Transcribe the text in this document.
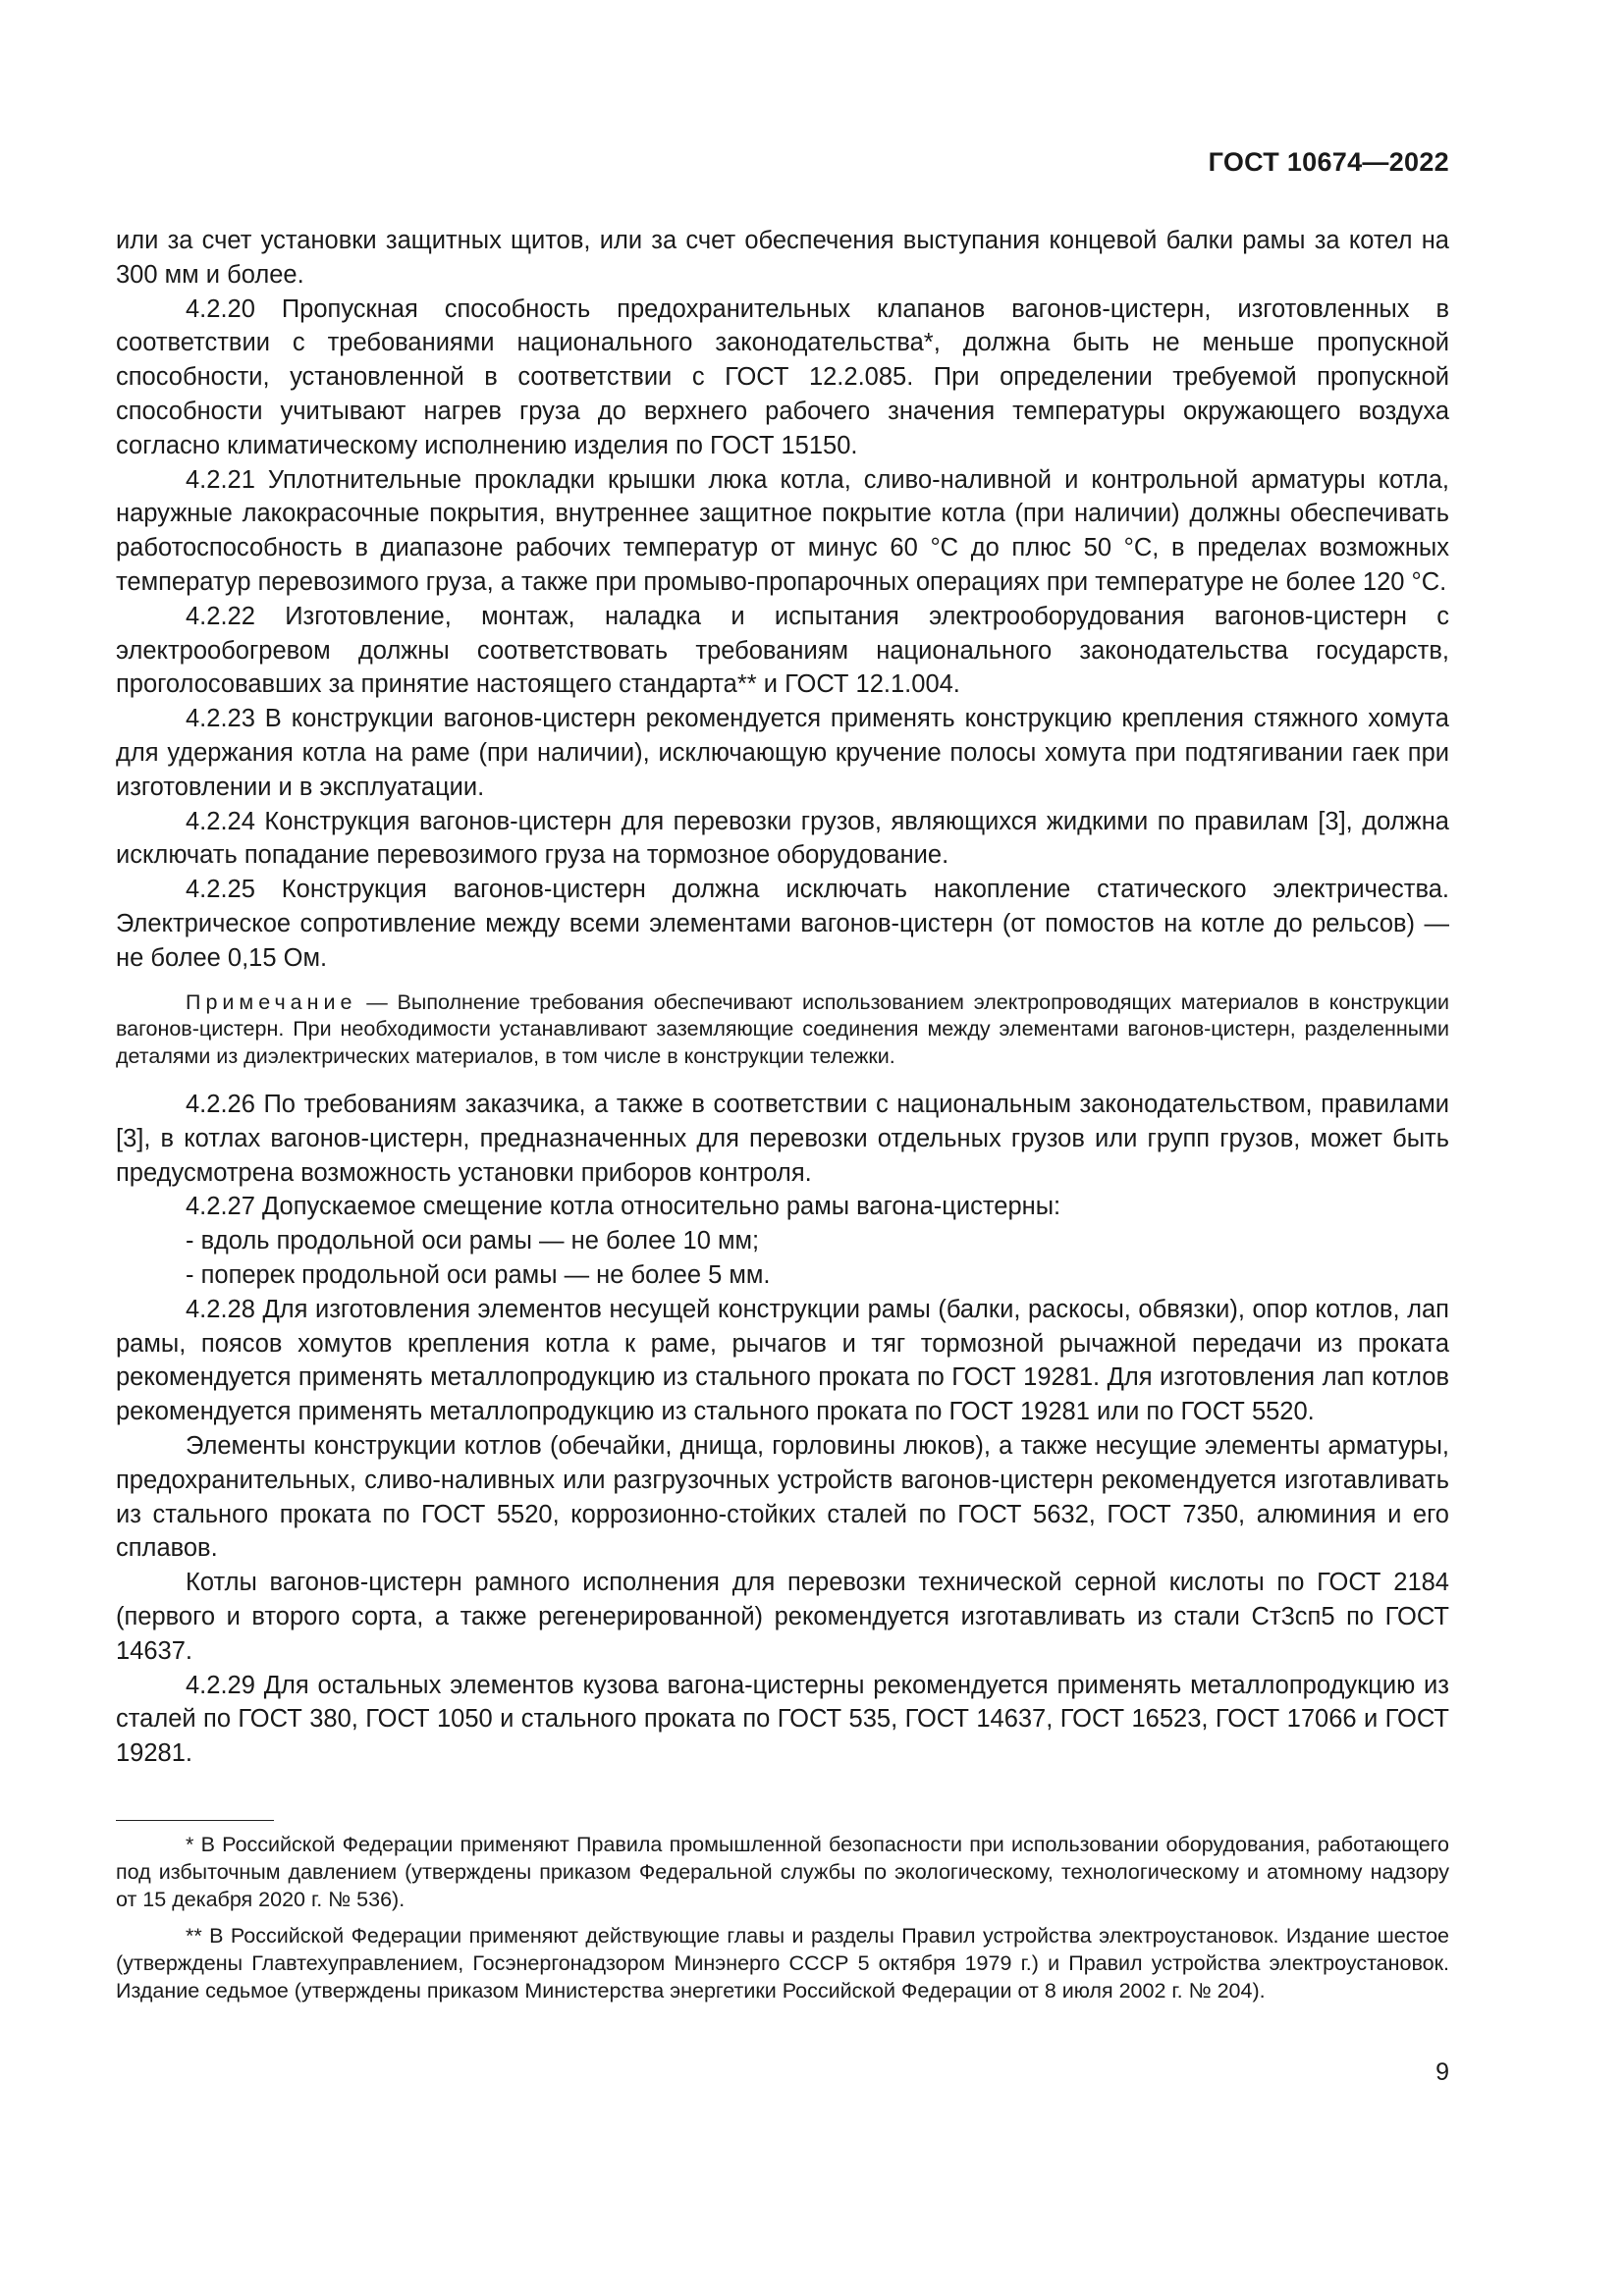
ГОСТ 10674—2022

или за счет установки защитных щитов, или за счет обеспечения выступания концевой балки рамы за котел на 300 мм и более.

4.2.20 Пропускная способность предохранительных клапанов вагонов-цистерн, изготовленных в соответствии с требованиями национального законодательства*, должна быть не меньше пропускной способности, установленной в соответствии с ГОСТ 12.2.085. При определении требуемой пропускной способности учитывают нагрев груза до верхнего рабочего значения температуры окружающего воздуха согласно климатическому исполнению изделия по ГОСТ 15150.

4.2.21 Уплотнительные прокладки крышки люка котла, сливо-наливной и контрольной арматуры котла, наружные лакокрасочные покрытия, внутреннее защитное покрытие котла (при наличии) должны обеспечивать работоспособность в диапазоне рабочих температур от минус 60 °С до плюс 50 °С, в пределах возможных температур перевозимого груза, а также при промыво-пропарочных операциях при температуре не более 120 °С.

4.2.22 Изготовление, монтаж, наладка и испытания электрооборудования вагонов-цистерн с электрообогревом должны соответствовать требованиям национального законодательства государств, проголосовавших за принятие настоящего стандарта** и ГОСТ 12.1.004.

4.2.23 В конструкции вагонов-цистерн рекомендуется применять конструкцию крепления стяжного хомута для удержания котла на раме (при наличии), исключающую кручение полосы хомута при подтягивании гаек при изготовлении и в эксплуатации.

4.2.24 Конструкция вагонов-цистерн для перевозки грузов, являющихся жидкими по правилам [3], должна исключать попадание перевозимого груза на тормозное оборудование.

4.2.25 Конструкция вагонов-цистерн должна исключать накопление статического электричества. Электрическое сопротивление между всеми элементами вагонов-цистерн (от помостов на котле до рельсов) — не более 0,15 Ом.

Примечание — Выполнение требования обеспечивают использованием электропроводящих материалов в конструкции вагонов-цистерн. При необходимости устанавливают заземляющие соединения между элементами вагонов-цистерн, разделенными деталями из диэлектрических материалов, в том числе в конструкции тележки.

4.2.26 По требованиям заказчика, а также в соответствии с национальным законодательством, правилами [3], в котлах вагонов-цистерн, предназначенных для перевозки отдельных грузов или групп грузов, может быть предусмотрена возможность установки приборов контроля.

4.2.27 Допускаемое смещение котла относительно рамы вагона-цистерны:

- вдоль продольной оси рамы — не более 10 мм;

- поперек продольной оси рамы — не более 5 мм.

4.2.28 Для изготовления элементов несущей конструкции рамы (балки, раскосы, обвязки), опор котлов, лап рамы, поясов хомутов крепления котла к раме, рычагов и тяг тормозной рычажной передачи из проката рекомендуется применять металлопродукцию из стального проката по ГОСТ 19281. Для изготовления лап котлов рекомендуется применять металлопродукцию из стального проката по ГОСТ 19281 или по ГОСТ 5520.

Элементы конструкции котлов (обечайки, днища, горловины люков), а также несущие элементы арматуры, предохранительных, сливо-наливных или разгрузочных устройств вагонов-цистерн рекомендуется изготавливать из стального проката по ГОСТ 5520, коррозионно-стойких сталей по ГОСТ 5632, ГОСТ 7350, алюминия и его сплавов.

Котлы вагонов-цистерн рамного исполнения для перевозки технической серной кислоты по ГОСТ 2184 (первого и второго сорта, а также регенерированной) рекомендуется изготавливать из стали Ст3сп5 по ГОСТ 14637.

4.2.29 Для остальных элементов кузова вагона-цистерны рекомендуется применять металлопродукцию из сталей по ГОСТ 380, ГОСТ 1050 и стального проката по ГОСТ 535, ГОСТ 14637, ГОСТ 16523, ГОСТ 17066 и ГОСТ 19281.

* В Российской Федерации применяют Правила промышленной безопасности при использовании оборудования, работающего под избыточным давлением (утверждены приказом Федеральной службы по экологическому, технологическому и атомному надзору от 15 декабря 2020 г. № 536).

** В Российской Федерации применяют действующие главы и разделы Правил устройства электроустановок. Издание шестое (утверждены Главтехуправлением, Госэнергонадзором Минэнерго СССР 5 октября 1979 г.) и Правил устройства электроустановок. Издание седьмое (утверждены приказом Министерства энергетики Российской Федерации от 8 июля 2002 г. № 204).

9
